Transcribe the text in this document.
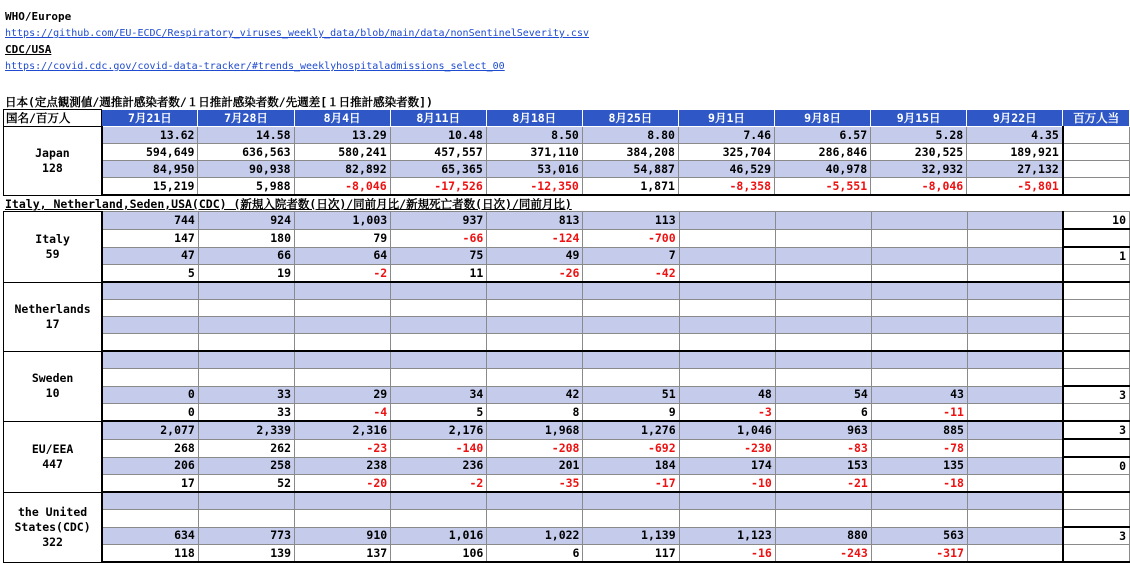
WHO/Europe
https://github.com/EU-ECDC/Respiratory_viruses_weekly_data/blob/main/data/nonSentinelSeverity.csv
CDC/USA
https://covid.cdc.gov/covid-data-tracker/#trends_weeklyhospitaladmissions_select_00
日本(定点観測値/週推計感染者数/１日推計感染者数/先週差[１日推計感染者数])
国名/百万人	7月21日	7月28日	8月4日	8月11日	8月18日	8月25日	9月1日	9月8日	9月15日	9月22日	百万人当
Japan
128	13.62	14.58	13.29	10.48	8.50	8.80	7.46	6.57	5.28	4.35	
	594,649	636,563	580,241	457,557	371,110	384,208	325,704	286,846	230,525	189,921	
	84,950	90,938	82,892	65,365	53,016	54,887	46,529	40,978	32,932	27,132	
	15,219	5,988	-8,046	-17,526	-12,350	1,871	-8,358	-5,551	-8,046	-5,801	
Italy, Netherland,Seden,USA(CDC) (新規入院者数(日次)/同前月比/新規死亡者数(日次)/同前月比)
Italy
59	744	924	1,003	937	813	113					10
	147	180	79	-66	-124	-700					
	47	66	64	75	49	7					1
	5	19	-2	11	-26	-42					
Netherlands
17											

Sweden
10											

	0	33	29	34	42	51	48	54	43		3
	0	33	-4	5	8	9	-3	6	-11		
EU/EEA
447	2,077	2,339	2,316	2,176	1,968	1,276	1,046	963	885		3
	268	262	-23	-140	-208	-692	-230	-83	-78		
	206	258	238	236	201	184	174	153	135		0
	17	52	-20	-2	-35	-17	-10	-21	-18		
the United
States(CDC)
322											

	634	773	910	1,016	1,022	1,139	1,123	880	563		3
	118	139	137	106	6	117	-16	-243	-317		
